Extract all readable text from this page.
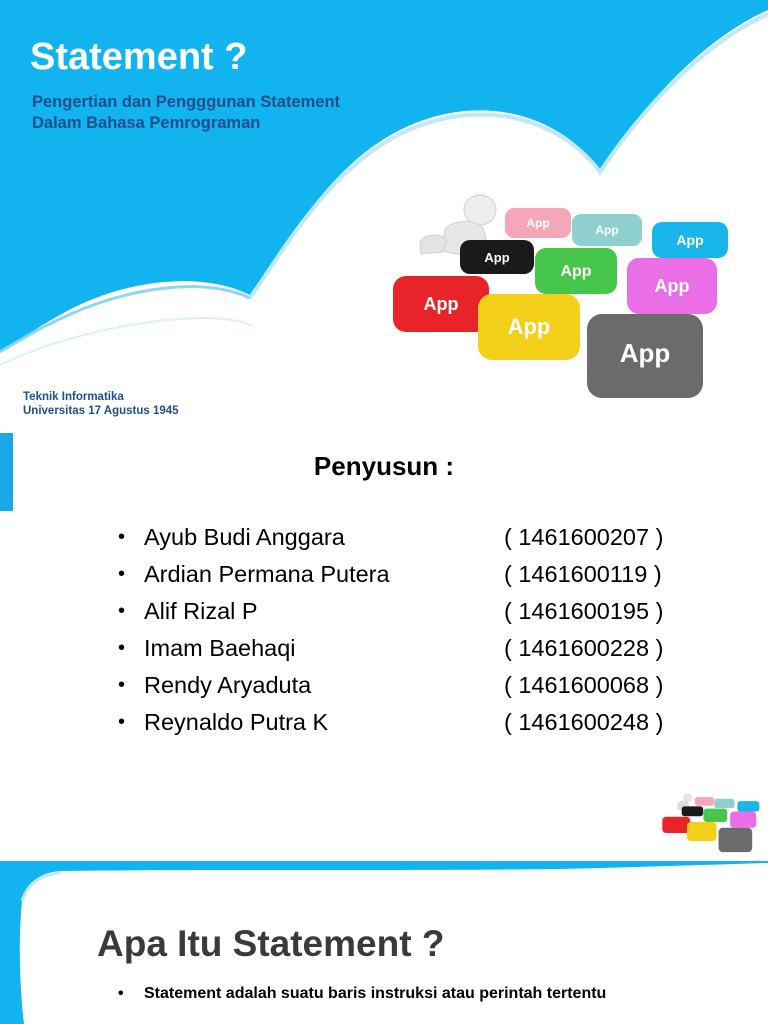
Statement ?
Pengertian dan Pengggunan Statement
Dalam Bahasa Pemrograman
App	App
App
App
App
App
App
App
App
Teknik Informatika
Universitas 17 Agustus 1945
Penyusun :
• Ayub Budi Anggara	( 1461600207 )
• Ardian Permana Putera	( 1461600119 )
• Alif Rizal P	( 1461600195 )
• Imam Baehaqi	( 1461600228 )
• Rendy Aryaduta	( 1461600068 )
• Reynaldo Putra K	( 1461600248 )
Apa Itu Statement ?
•	Statement adalah suatu baris instruksi atau perintah tertentu
